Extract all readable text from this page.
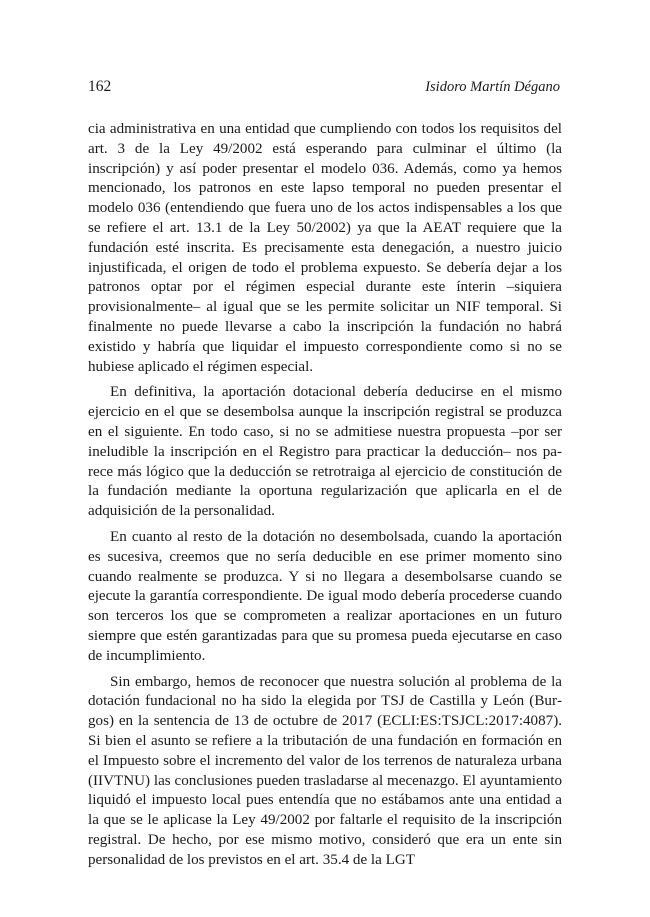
162	Isidoro Martín Dégano

cia administrativa en una entidad que cumpliendo con todos los requisitos del art. 3 de la Ley 49/2002 está esperando para culminar el último (la inscripción) y así poder presentar el modelo 036. Además, como ya hemos mencionado, los patronos en este lapso temporal no pueden presentar el modelo 036 (entendiendo que fuera uno de los actos indispensables a los que se refiere el art. 13.1 de la Ley 50/2002) ya que la AEAT requiere que la fundación esté inscrita. Es precisamente esta denegación, a nuestro juicio injustificada, el origen de todo el problema expuesto. Se debería dejar a los patronos optar por el régimen especial durante este ínterin –siquiera provisionalmente– al igual que se les permite solicitar un NIF temporal. Si finalmente no puede llevarse a cabo la inscripción la fundación no habrá existido y habría que liquidar el impuesto correspondiente como si no se hubiese aplicado el régimen especial.

En definitiva, la aportación dotacional debería deducirse en el mismo ejercicio en el que se desembolsa aunque la inscripción registral se produzca en el siguiente. En todo caso, si no se admitiese nuestra propuesta –por ser ineludible la inscripción en el Registro para practicar la deducción– nos parece más lógico que la deducción se retrotraiga al ejercicio de constitución de la fundación mediante la oportuna regularización que aplicarla en el de adquisición de la personalidad.

En cuanto al resto de la dotación no desembolsada, cuando la aportación es sucesiva, creemos que no sería deducible en ese primer momento sino cuando realmente se produzca. Y si no llegara a desembolsarse cuando se ejecute la garantía correspondiente. De igual modo debería procederse cuando son terceros los que se comprometen a realizar aportaciones en un futuro siempre que estén garantizadas para que su promesa pueda ejecutarse en caso de incumplimiento.

Sin embargo, hemos de reconocer que nuestra solución al problema de la dotación fundacional no ha sido la elegida por TSJ de Castilla y León (Burgos) en la sentencia de 13 de octubre de 2017 (ECLI:ES:TSJCL:2017:4087). Si bien el asunto se refiere a la tributación de una fundación en formación en el Impuesto sobre el incremento del valor de los terrenos de naturaleza urbana (IIVTNU) las conclusiones pueden trasladarse al mecenazgo. El ayuntamiento liquidó el impuesto local pues entendía que no estábamos ante una entidad a la que se le aplicase la Ley 49/2002 por faltarle el requisito de la inscripción registral. De hecho, por ese mismo motivo, consideró que era un ente sin personalidad de los previstos en el art. 35.4 de la LGT
